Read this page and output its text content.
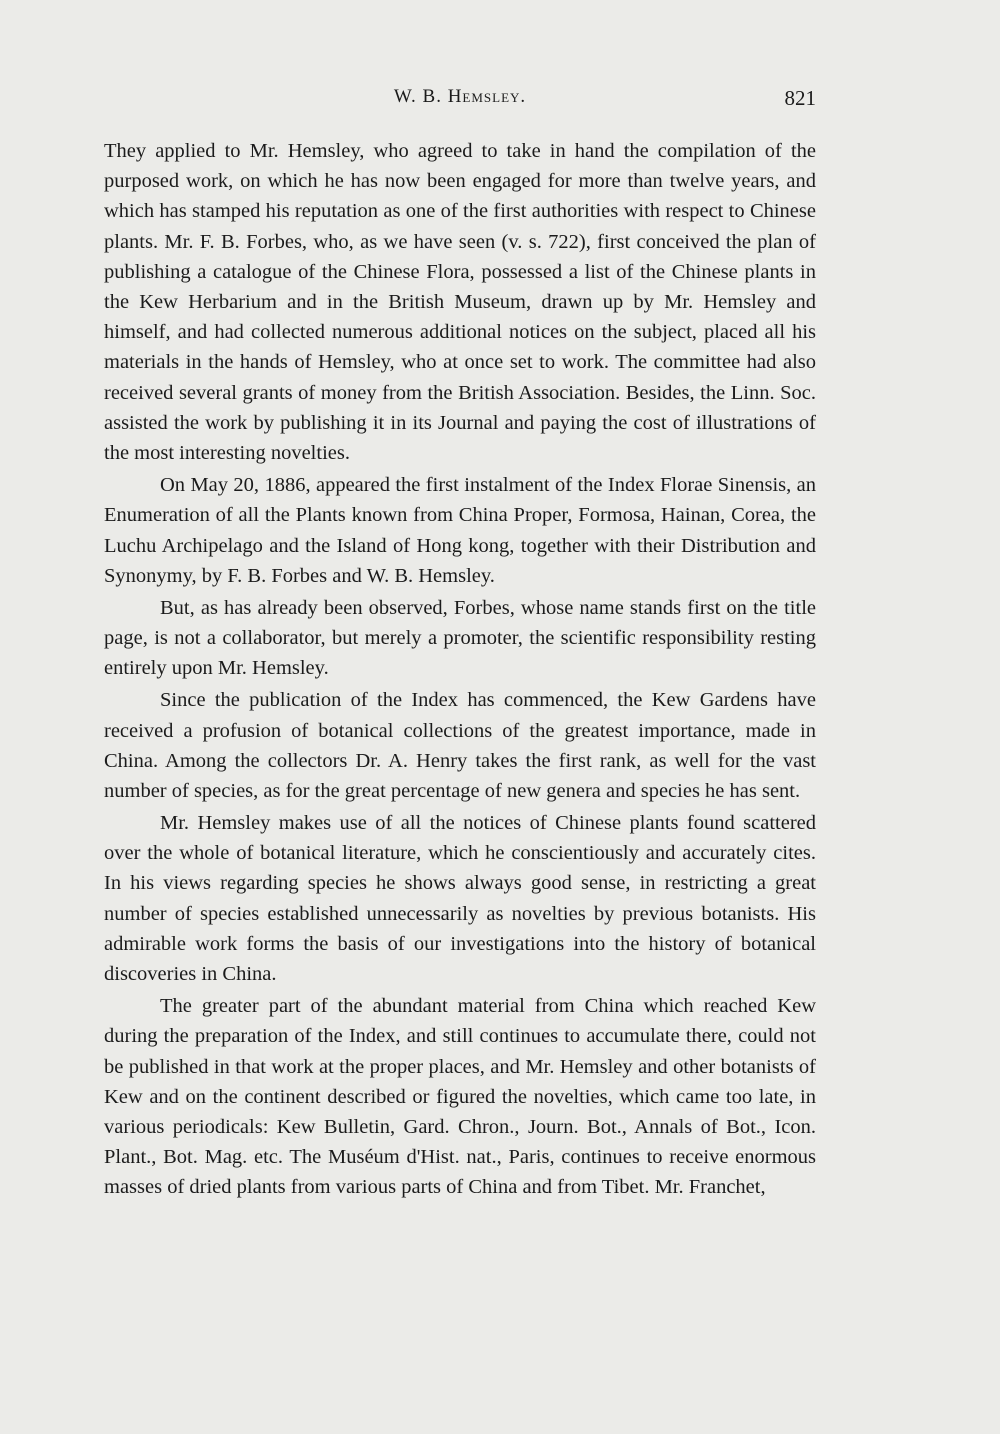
W. B. Hemsley.	821

They applied to Mr. Hemsley, who agreed to take in hand the compilation of the purposed work, on which he has now been engaged for more than twelve years, and which has stamped his reputation as one of the first authorities with respect to Chinese plants. Mr. F. B. Forbes, who, as we have seen (v. s. 722), first conceived the plan of publishing a catalogue of the Chinese Flora, possessed a list of the Chinese plants in the Kew Herbarium and in the British Museum, drawn up by Mr. Hemsley and himself, and had collected numerous additional notices on the subject, placed all his materials in the hands of Hemsley, who at once set to work. The committee had also received several grants of money from the British Association. Besides, the Linn. Soc. assisted the work by publishing it in its Journal and paying the cost of illustrations of the most interesting novelties.

On May 20, 1886, appeared the first instalment of the Index Florae Sinensis, an Enumeration of all the Plants known from China Proper, Formosa, Hainan, Corea, the Luchu Archipelago and the Island of Hong kong, together with their Distribution and Synonymy, by F. B. Forbes and W. B. Hemsley.

But, as has already been observed, Forbes, whose name stands first on the title page, is not a collaborator, but merely a promoter, the scientific responsibility resting entirely upon Mr. Hemsley.

Since the publication of the Index has commenced, the Kew Gardens have received a profusion of botanical collections of the greatest importance, made in China. Among the collectors Dr. A. Henry takes the first rank, as well for the vast number of species, as for the great percentage of new genera and species he has sent.

Mr. Hemsley makes use of all the notices of Chinese plants found scattered over the whole of botanical literature, which he conscientiously and accurately cites. In his views regarding species he shows always good sense, in restricting a great number of species established unnecessarily as novelties by previous botanists. His admirable work forms the basis of our investigations into the history of botanical discoveries in China.

The greater part of the abundant material from China which reached Kew during the preparation of the Index, and still continues to accumulate there, could not be published in that work at the proper places, and Mr. Hemsley and other botanists of Kew and on the continent described or figured the novelties, which came too late, in various periodicals: Kew Bulletin, Gard. Chron., Journ. Bot., Annals of Bot., Icon. Plant., Bot. Mag. etc. The Muséum d'Hist. nat., Paris, continues to receive enormous masses of dried plants from various parts of China and from Tibet. Mr. Franchet,
